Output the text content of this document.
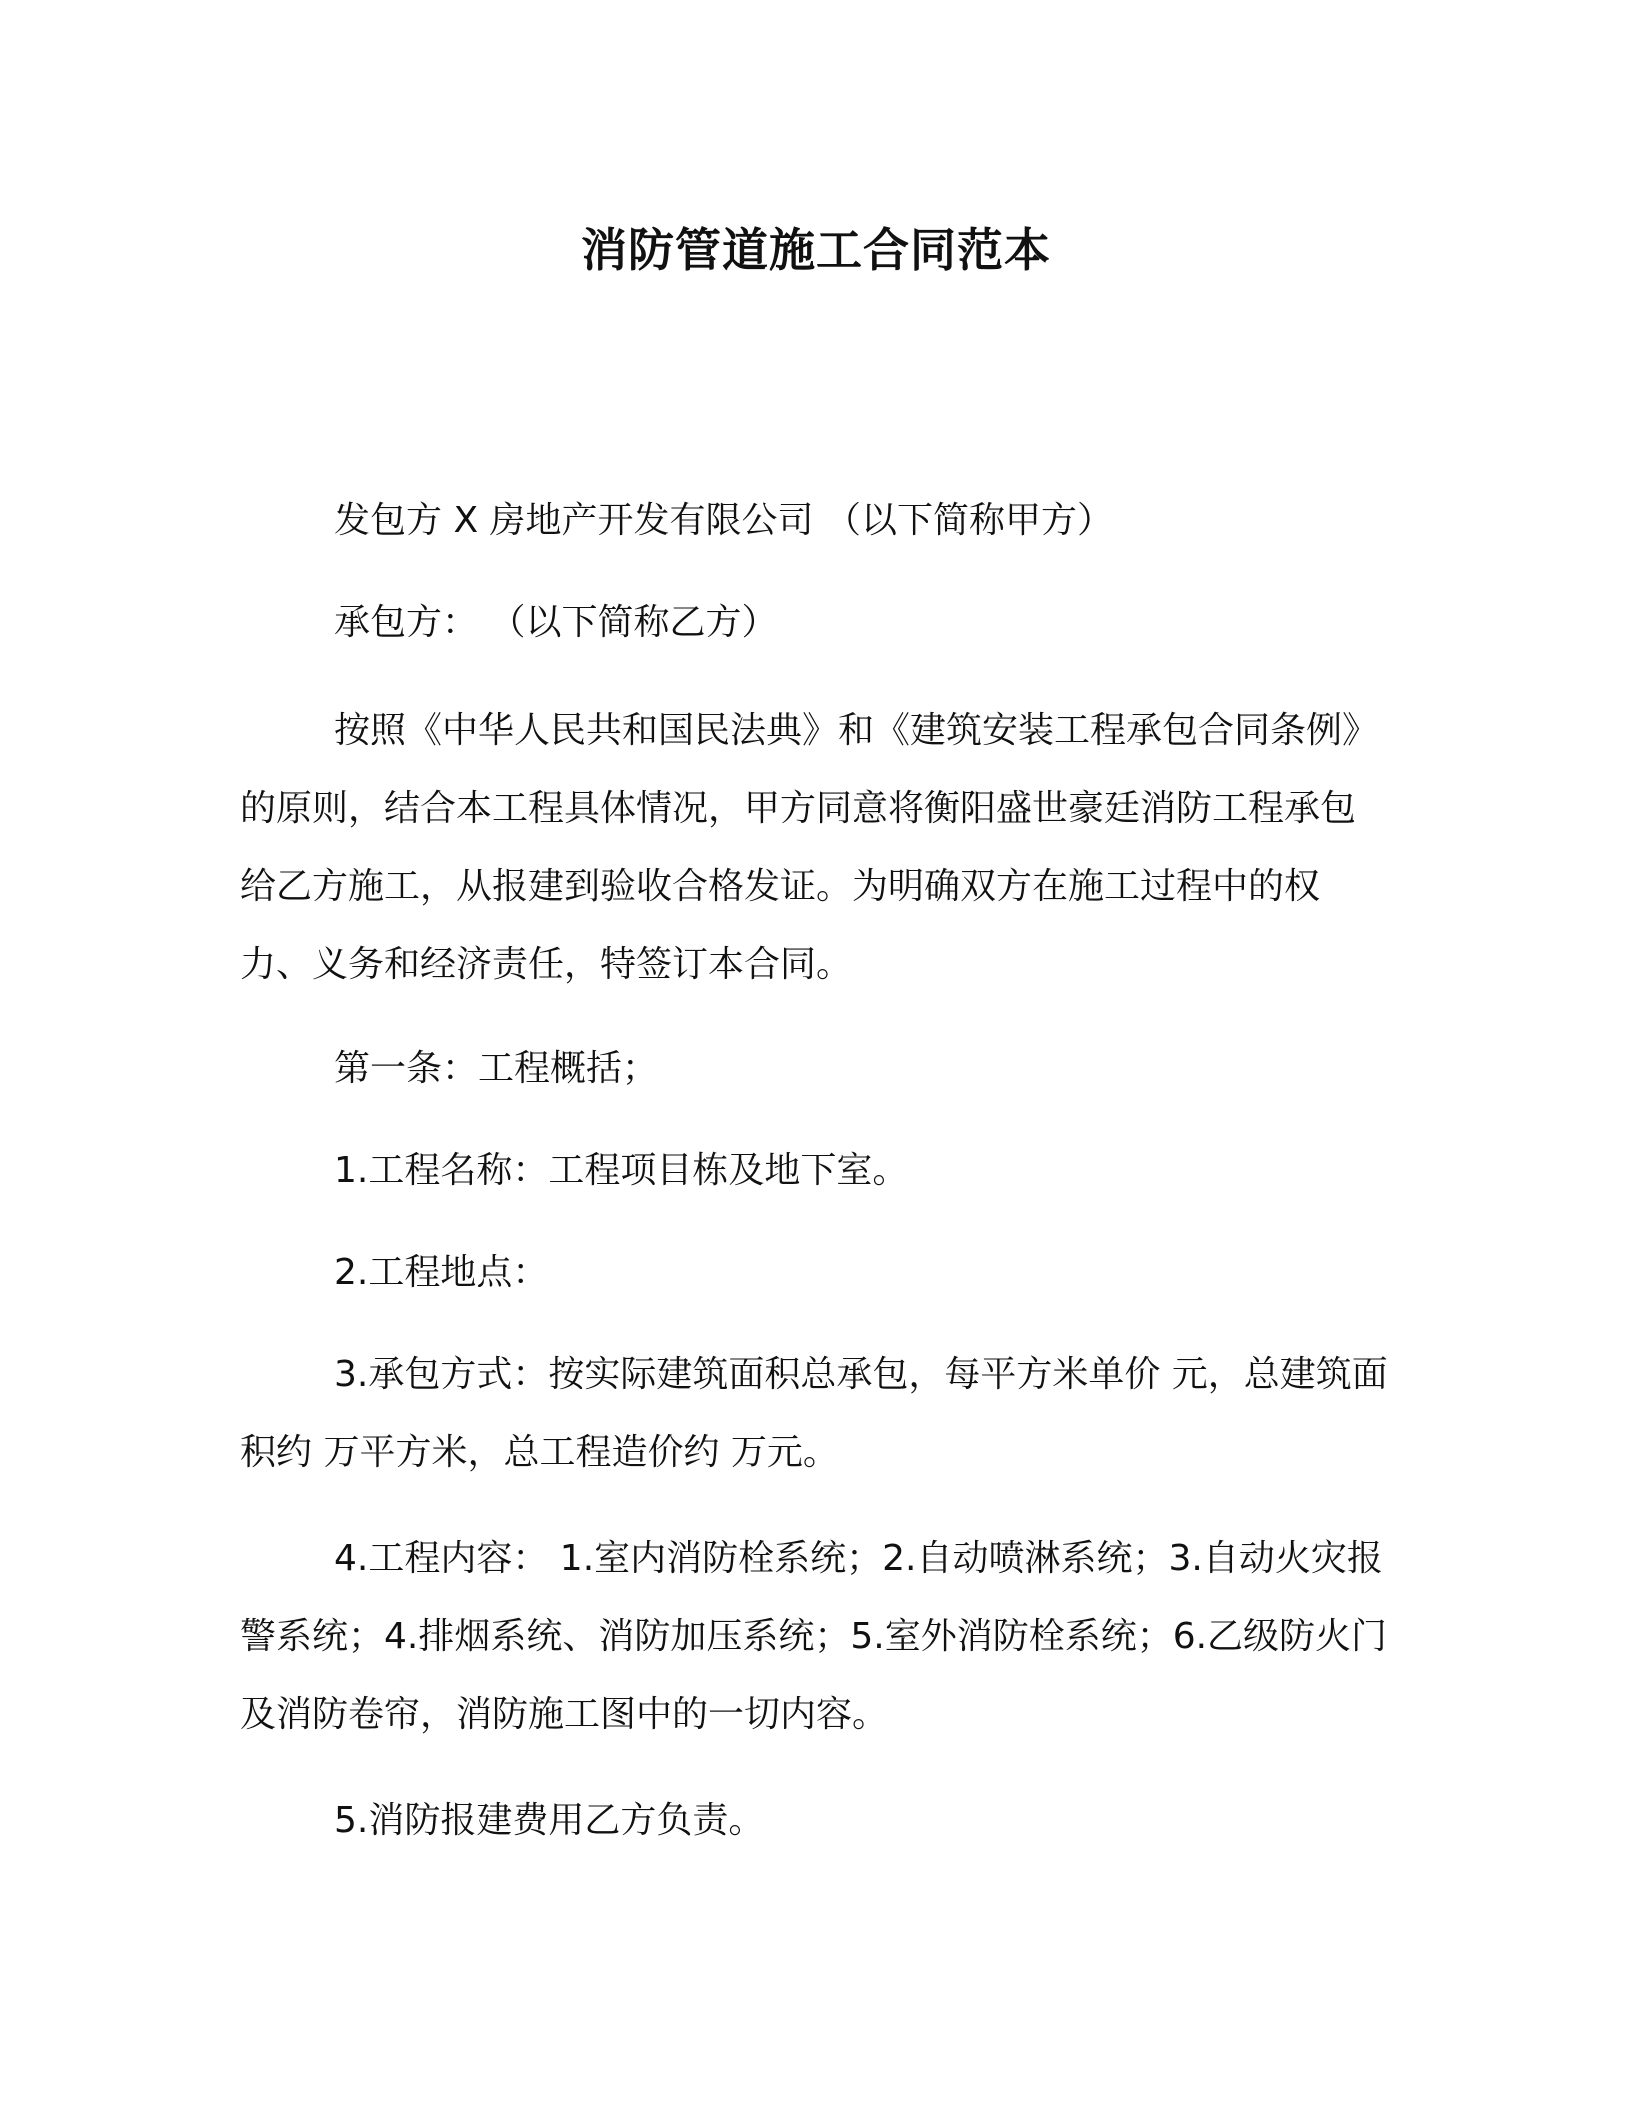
消防管道施工合同范本
发包方 X 房地产开发有限公司 （以下简称甲方）
承包方： （以下简称乙方）
按照《中华人民共和国民法典》和《建筑安装工程承包合同条例》的原则，结合本工程具体情况，甲方同意将衡阳盛世豪廷消防工程承包给乙方施工，从报建到验收合格发证。为明确双方在施工过程中的权力、义务和经济责任，特签订本合同。
第一条：工程概括；
1.工程名称：工程项目栋及地下室。
2.工程地点：
3.承包方式：按实际建筑面积总承包，每平方米单价 元，总建筑面积约 万平方米，总工程造价约 万元。
4.工程内容： 1.室内消防栓系统；2.自动喷淋系统；3.自动火灾报警系统；4.排烟系统、消防加压系统；5.室外消防栓系统；6.乙级防火门及消防卷帘，消防施工图中的一切内容。
5.消防报建费用乙方负责。
